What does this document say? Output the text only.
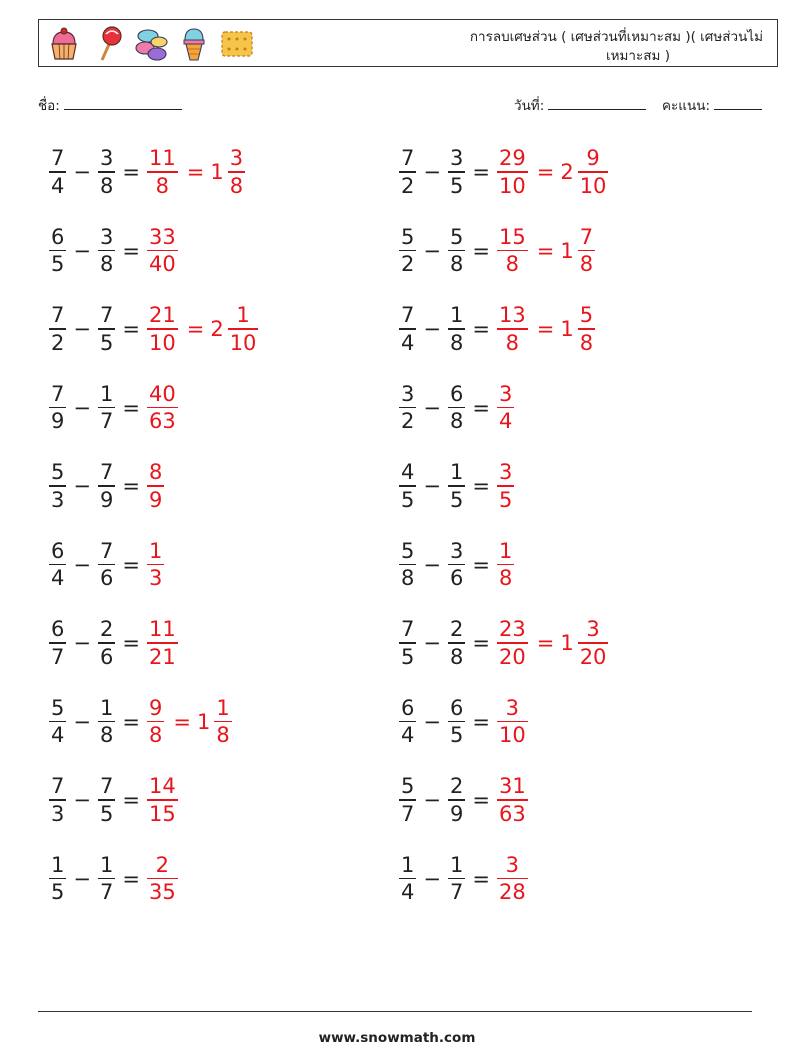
การลบเศษส่วน ( เศษส่วนที่เหมาะสม )( เศษส่วนไม่
เหมาะสม )
ชื่อ:	วันที่:	คะแนน:
$\frac{7}{4} - \frac{3}{8} = \frac{11}{8} = 1 \frac{3}{8}$
$\frac{6}{5} - \frac{3}{8} = \frac{33}{40}$
$\frac{7}{2} - \frac{7}{5} = \frac{21}{10} = 2 \frac{1}{10}$
$\frac{7}{9} - \frac{1}{7} = \frac{40}{63}$
$\frac{5}{3} - \frac{7}{9} = \frac{8}{9}$
$\frac{6}{4} - \frac{7}{6} = \frac{1}{3}$
$\frac{6}{7} - \frac{2}{6} = \frac{11}{21}$
$\frac{5}{4} - \frac{1}{8} = \frac{9}{8} = 1 \frac{1}{8}$
$\frac{7}{3} - \frac{7}{5} = \frac{14}{15}$
$\frac{1}{5} - \frac{1}{7} = \frac{2}{35}$
$\frac{7}{2} - \frac{3}{5} = \frac{29}{10} = 2 \frac{9}{10}$
$\frac{5}{2} - \frac{5}{8} = \frac{15}{8} = 1 \frac{7}{8}$
$\frac{7}{4} - \frac{1}{8} = \frac{13}{8} = 1 \frac{5}{8}$
$\frac{3}{2} - \frac{6}{8} = \frac{3}{4}$
$\frac{4}{5} - \frac{1}{5} = \frac{3}{5}$
$\frac{5}{8} - \frac{3}{6} = \frac{1}{8}$
$\frac{7}{5} - \frac{2}{8} = \frac{23}{20} = 1 \frac{3}{20}$
$\frac{6}{4} - \frac{6}{5} = \frac{3}{10}$
$\frac{5}{7} - \frac{2}{9} = \frac{31}{63}$
$\frac{1}{4} - \frac{1}{7} = \frac{3}{28}$
www.snowmath.com
